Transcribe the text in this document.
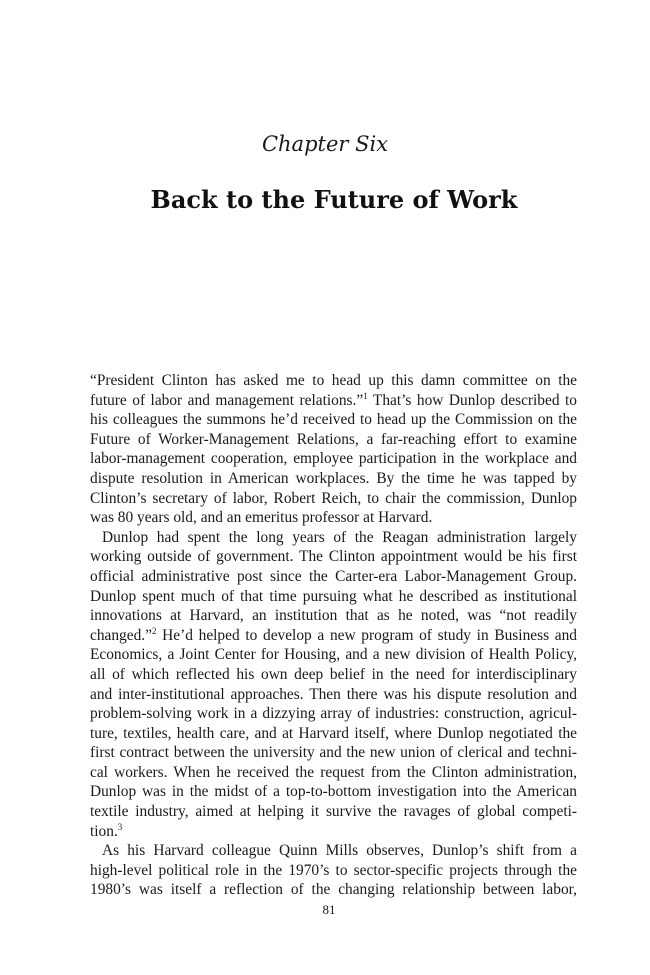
Chapter Six
Back to the Future of Work
“President Clinton has asked me to head up this damn committee on the
future of labor and management relations.”$^1$ That’s how Dunlop described to
his colleagues the summons he’d received to head up the Commission on the
Future of Worker-Management Relations, a far-reaching effort to examine
labor-management cooperation, employee participation in the workplace and
dispute resolution in American workplaces. By the time he was tapped by
Clinton’s secretary of labor, Robert Reich, to chair the commission, Dunlop
was 80 years old, and an emeritus professor at Harvard.
Dunlop had spent the long years of the Reagan administration largely
working outside of government. The Clinton appointment would be his first
official administrative post since the Carter-era Labor-Management Group.
Dunlop spent much of that time pursuing what he described as institutional
innovations at Harvard, an institution that as he noted, was “not readily
changed.”$^2$ He’d helped to develop a new program of study in Business and
Economics, a Joint Center for Housing, and a new division of Health Policy,
all of which reflected his own deep belief in the need for interdisciplinary
and inter-institutional approaches. Then there was his dispute resolution and
problem-solving work in a dizzying array of industries: construction, agricul-
ture, textiles, health care, and at Harvard itself, where Dunlop negotiated the
first contract between the university and the new union of clerical and techni-
cal workers. When he received the request from the Clinton administration,
Dunlop was in the midst of a top-to-bottom investigation into the American
textile industry, aimed at helping it survive the ravages of global competi-
tion.$^3$
As his Harvard colleague Quinn Mills observes, Dunlop’s shift from a
high-level political role in the 1970’s to sector-specific projects through the
1980’s was itself a reflection of the changing relationship between labor,
81
